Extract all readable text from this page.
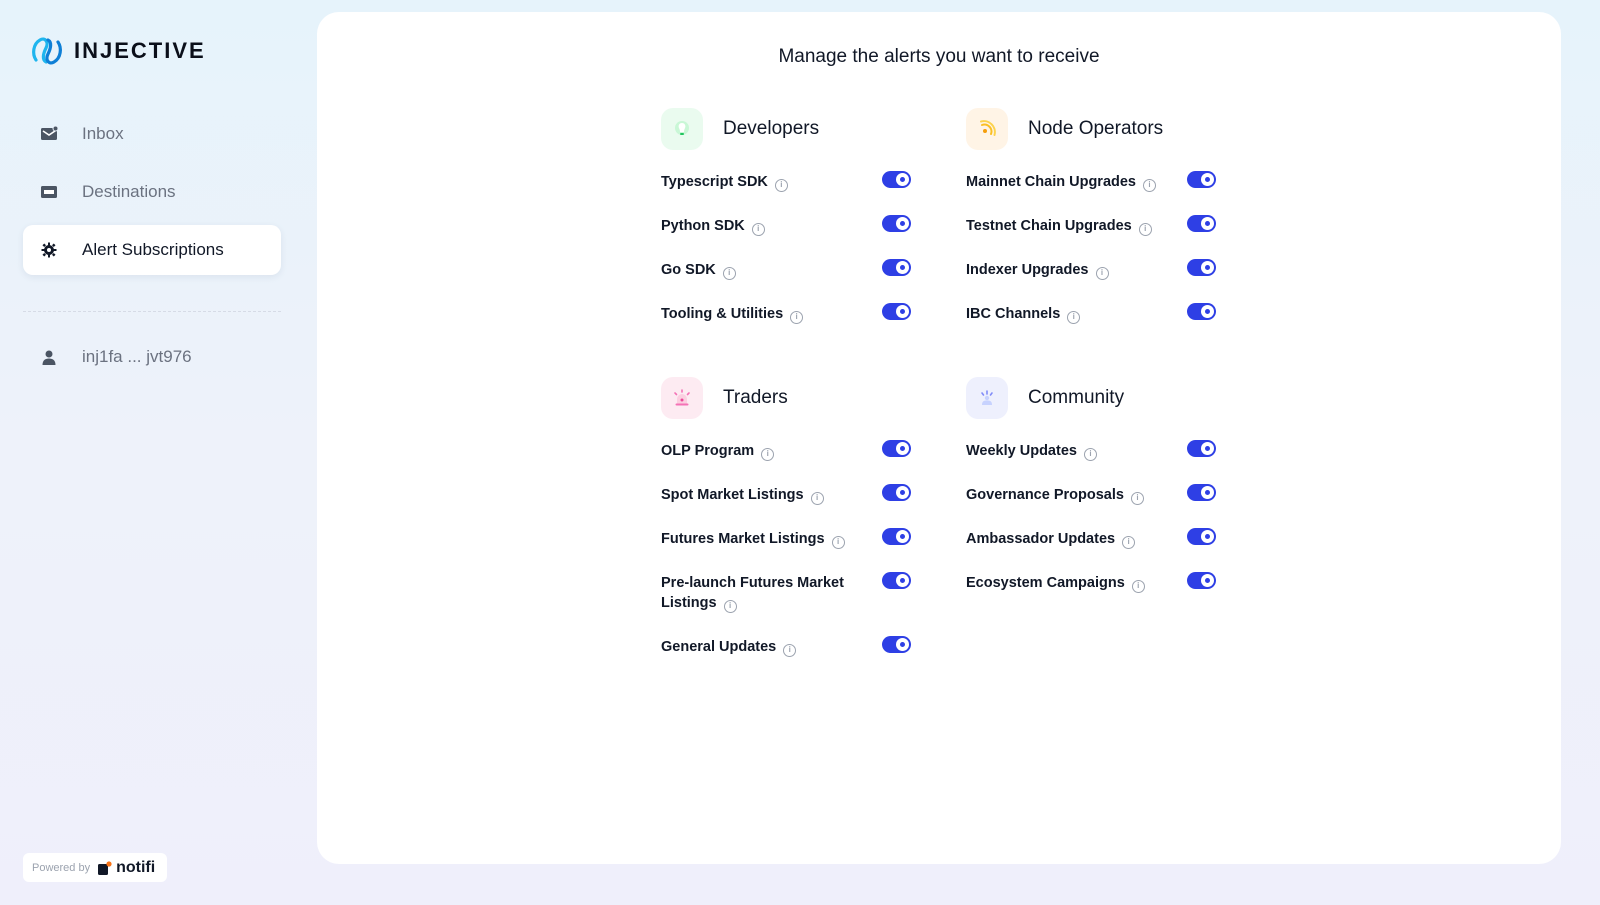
INJECTIVE
Inbox
Destinations
Alert Subscriptions
inj1fa ... jvt976
Powered by notifi
Manage the alerts you want to receive
Developers
Typescript SDK i
Python SDK i
Go SDK i
Tooling & Utilities i
Node Operators
Mainnet Chain Upgrades i
Testnet Chain Upgrades i
Indexer Upgrades i
IBC Channels i
Traders
OLP Program i
Spot Market Listings i
Futures Market Listings i
Pre-launch Futures Market Listings i
General Updates i
Community
Weekly Updates i
Governance Proposals i
Ambassador Updates i
Ecosystem Campaigns i
